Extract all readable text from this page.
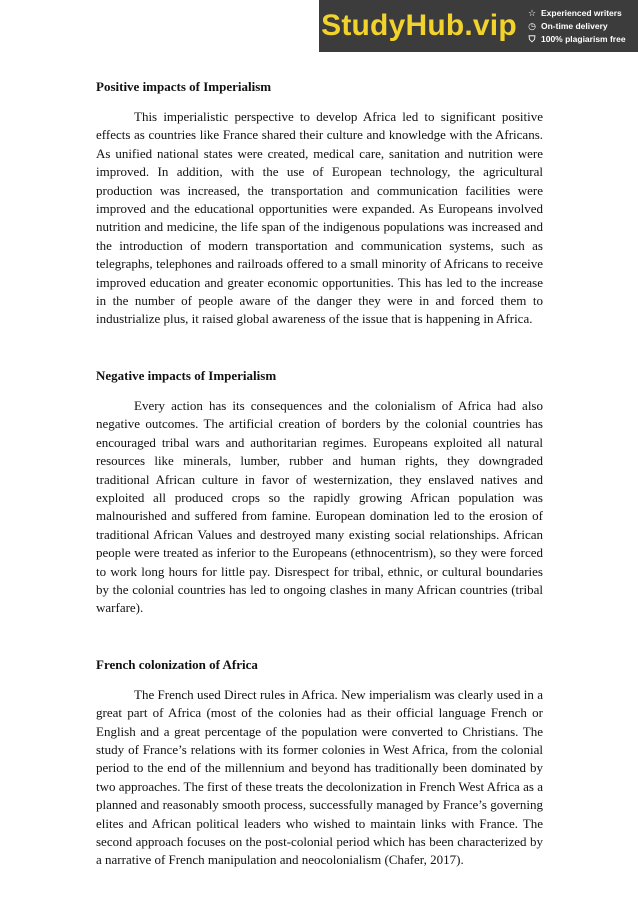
StudyHub.vip ☆ Experienced writers
◷ On-time delivery
⛉ 100% plagiarism free
Positive impacts of Imperialism

This imperialistic perspective to develop Africa led to significant positive effects as countries like France shared their culture and knowledge with the Africans. As unified national states were created, medical care, sanitation and nutrition were improved. In addition, with the use of European technology, the agricultural production was increased, the transportation and communication facilities were improved and the educational opportunities were expanded. As Europeans involved nutrition and medicine, the life span of the indigenous populations was increased and the introduction of modern transportation and communication systems, such as telegraphs, telephones and railroads offered to a small minority of Africans to receive improved education and greater economic opportunities. This has led to the increase in the number of people aware of the danger they were in and forced them to industrialize plus, it raised global awareness of the issue that is happening in Africa.

Negative impacts of Imperialism

Every action has its consequences and the colonialism of Africa had also negative outcomes. The artificial creation of borders by the colonial countries has encouraged tribal wars and authoritarian regimes. Europeans exploited all natural resources like minerals, lumber, rubber and human rights, they downgraded traditional African culture in favor of westernization, they enslaved natives and exploited all produced crops so the rapidly growing African population was malnourished and suffered from famine. European domination led to the erosion of traditional African Values and destroyed many existing social relationships. African people were treated as inferior to the Europeans (ethnocentrism), so they were forced to work long hours for little pay. Disrespect for tribal, ethnic, or cultural boundaries by the colonial countries has led to ongoing clashes in many African countries (tribal warfare).

French colonization of Africa

The French used Direct rules in Africa. New imperialism was clearly used in a great part of Africa (most of the colonies had as their official language French or English and a great percentage of the population were converted to Christians. The study of France’s relations with its former colonies in West Africa, from the colonial period to the end of the millennium and beyond has traditionally been dominated by two approaches. The first of these treats the decolonization in French West Africa as a planned and reasonably smooth process, successfully managed by France’s governing elites and African political leaders who wished to maintain links with France. The second approach focuses on the post-colonial period which has been characterized by a narrative of French manipulation and neocolonialism (Chafer, 2017).
